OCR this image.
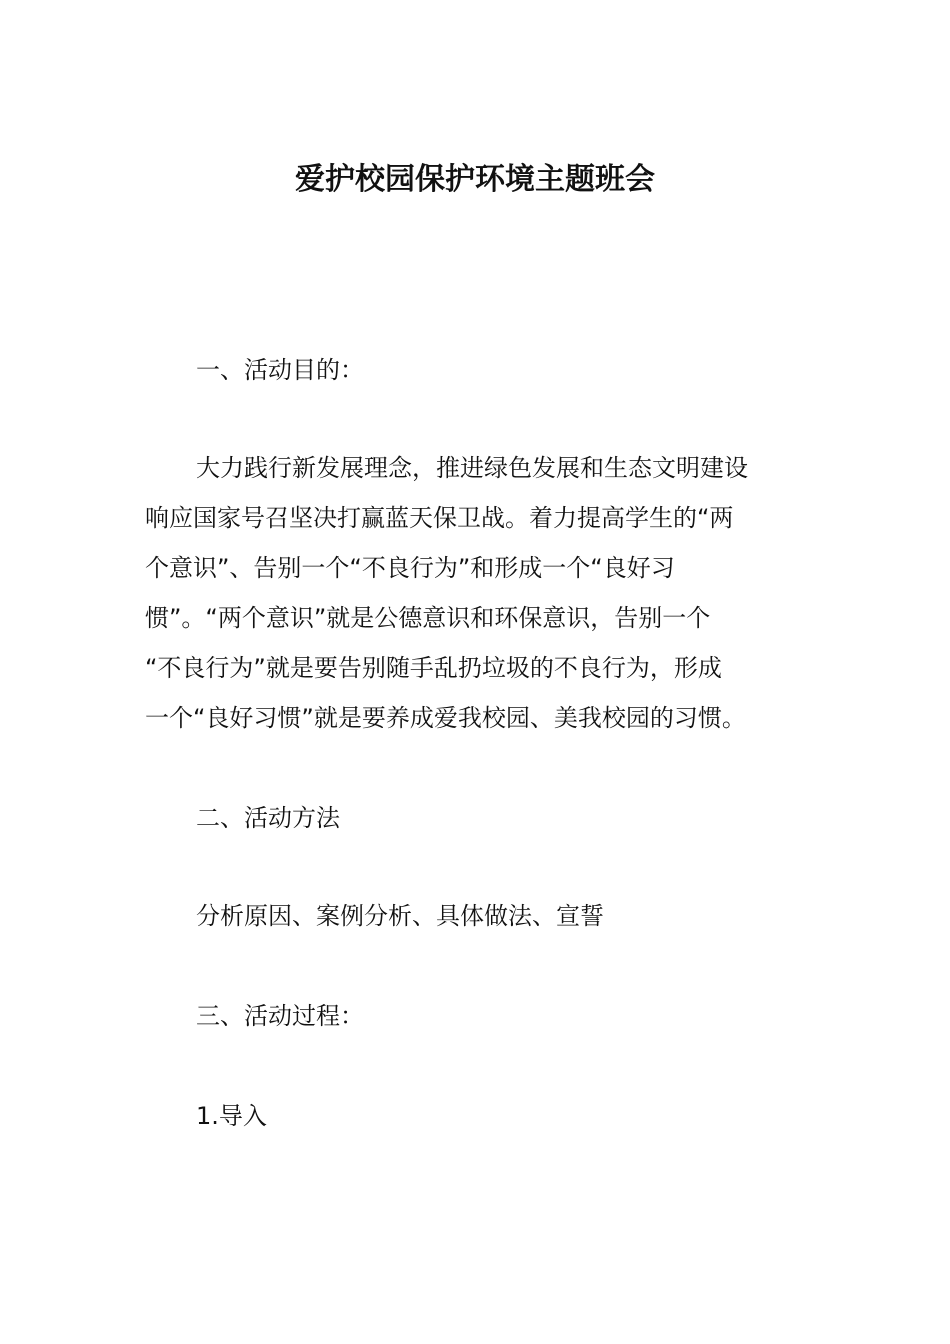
爱护校园保护环境主题班会
一、活动目的：
大力践行新发展理念，推进绿色发展和生态文明建设
响应国家号召坚决打赢蓝天保卫战。着力提高学生的“两
个意识”、告别一个“不良行为”和形成一个“良好习
惯”。“两个意识”就是公德意识和环保意识，告别一个
“不良行为”就是要告别随手乱扔垃圾的不良行为，形成
一个“良好习惯”就是要养成爱我校园、美我校园的习惯。
二、活动方法
分析原因、案例分析、具体做法、宣誓
三、活动过程：
1.导入
